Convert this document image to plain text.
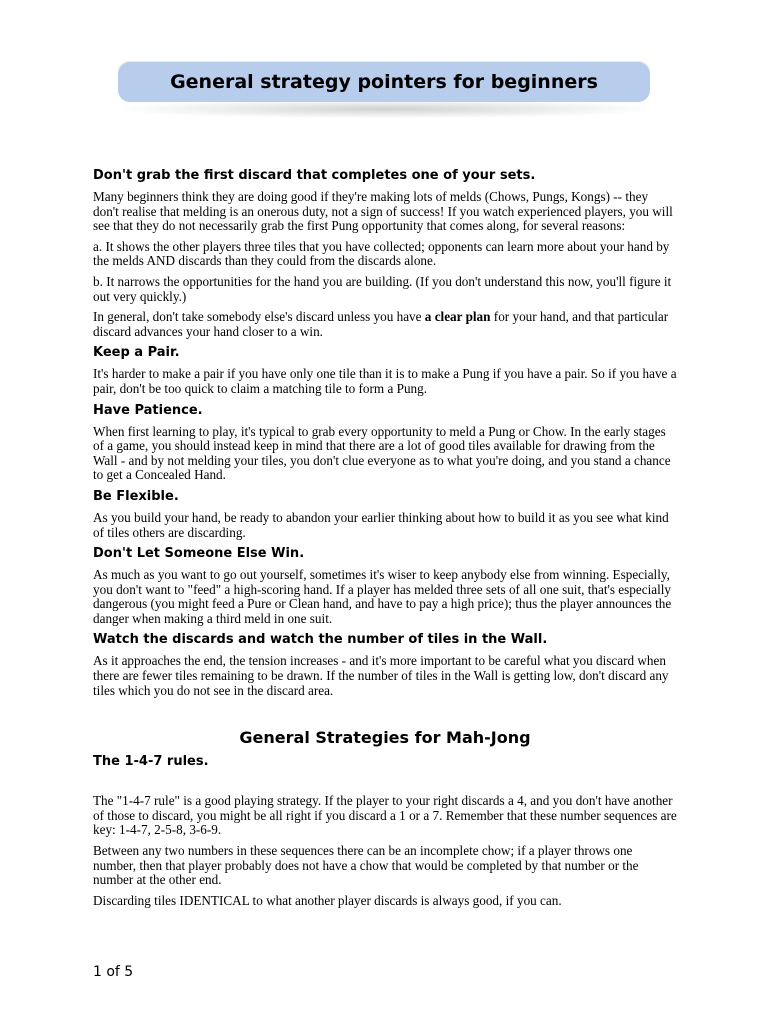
General strategy pointers for beginners
Don't grab the first discard that completes one of your sets.

Many beginners think they are doing good if they're making lots of melds (Chows, Pungs, Kongs) -- they don't realise that melding is an onerous duty, not a sign of success! If you watch experienced players, you will see that they do not necessarily grab the first Pung opportunity that comes along, for several reasons:

a. It shows the other players three tiles that you have collected; opponents can learn more about your hand by the melds AND discards than they could from the discards alone.

b. It narrows the opportunities for the hand you are building. (If you don't understand this now, you'll figure it out very quickly.)

In general, don't take somebody else's discard unless you have a clear plan for your hand, and that particular discard advances your hand closer to a win.

Keep a Pair.

It's harder to make a pair if you have only one tile than it is to make a Pung if you have a pair. So if you have a pair, don't be too quick to claim a matching tile to form a Pung.

Have Patience.

When first learning to play, it's typical to grab every opportunity to meld a Pung or Chow. In the early stages of a game, you should instead keep in mind that there are a lot of good tiles available for drawing from the Wall - and by not melding your tiles, you don't clue everyone as to what you're doing, and you stand a chance to get a Concealed Hand.

Be Flexible.

As you build your hand, be ready to abandon your earlier thinking about how to build it as you see what kind of tiles others are discarding.

Don't Let Someone Else Win.

As much as you want to go out yourself, sometimes it's wiser to keep anybody else from winning. Especially, you don't want to "feed" a high-scoring hand. If a player has melded three sets of all one suit, that's especially dangerous (you might feed a Pure or Clean hand, and have to pay a high price); thus the player announces the danger when making a third meld in one suit.

Watch the discards and watch the number of tiles in the Wall.

As it approaches the end, the tension increases - and it's more important to be careful what you discard when there are fewer tiles remaining to be drawn. If the number of tiles in the Wall is getting low, don't discard any tiles which you do not see in the discard area.

General Strategies for Mah-Jong
The 1-4-7 rules.

The "1-4-7 rule" is a good playing strategy. If the player to your right discards a 4, and you don't have another of those to discard, you might be all right if you discard a 1 or a 7. Remember that these number sequences are key: 1-4-7, 2-5-8, 3-6-9.

Between any two numbers in these sequences there can be an incomplete chow; if a player throws one number, then that player probably does not have a chow that would be completed by that number or the number at the other end.

Discarding tiles IDENTICAL to what another player discards is always good, if you can.

1 of 5
